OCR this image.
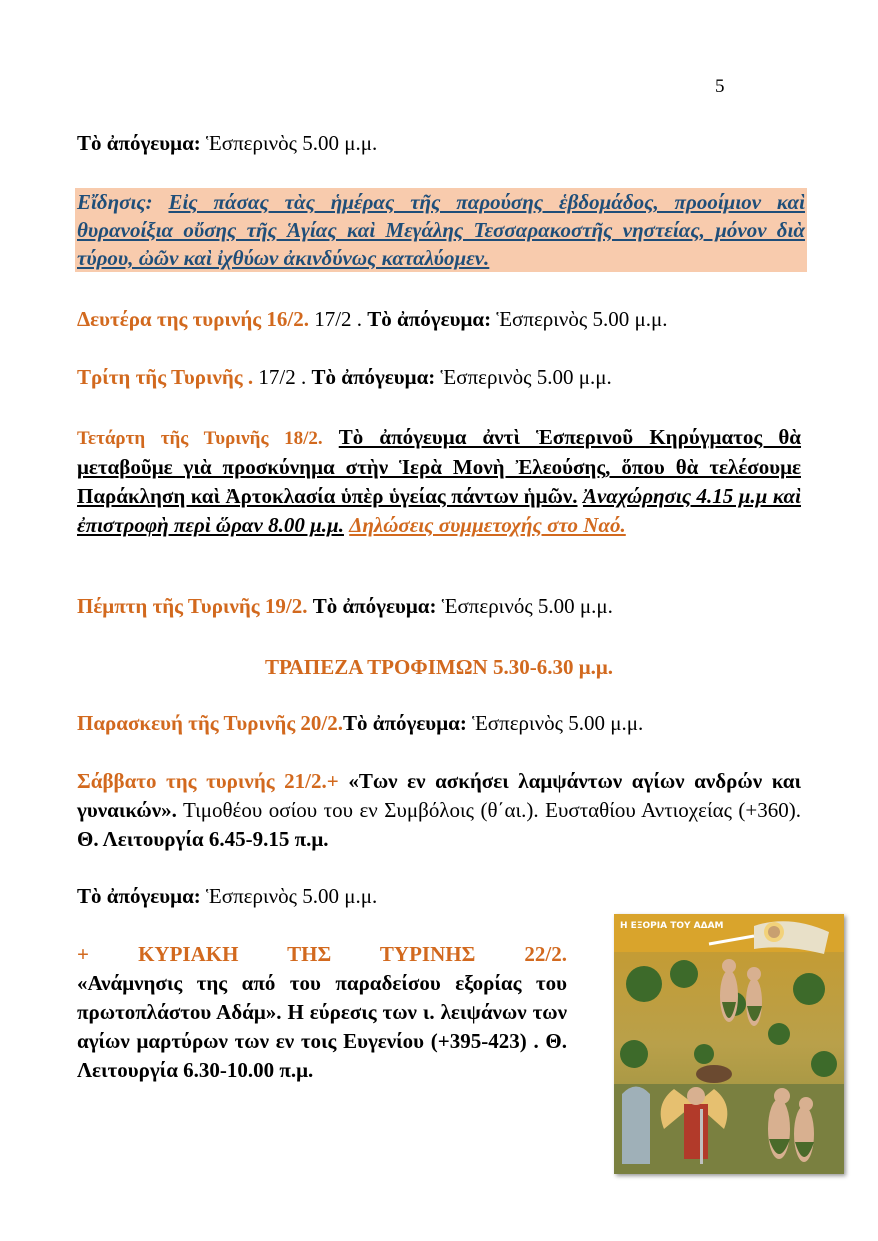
5
Τὸ ἀπόγευμα: Ἑσπερινὸς 5.00 μ.μ.
Εἴδησις: Εἰς πάσας τὰς ἡμέρας τῆς παρούσης ἑβδομάδος, προοίμιον καὶ θυρανοίξια οὔσης τῆς Ἁγίας καὶ Μεγάλης Τεσσαρακοστῆς νηστείας, μόνον διὰ τύρου, ὠῶν καὶ ἰχθύων ἀκινδύνως καταλύομεν.
Δευτέρα της τυρινής 16/2. 17/2 . Τὸ ἀπόγευμα: Ἑσπερινὸς 5.00 μ.μ.
Τρίτη τῆς Τυρινῆς . 17/2 . Τὸ ἀπόγευμα: Ἑσπερινὸς 5.00 μ.μ.
Τετάρτη τῆς Τυρινῆς 18/2. Τὸ ἀπόγευμα ἀντὶ Ἑσπερινοῦ Κηρύγματος θὰ μεταβοῦμε γιὰ προσκύνημα στὴν Ἱερὰ Μονὴ Ἐλεούσης, ὅπου θὰ τελέσουμε Παράκληση καὶ Ἀρτοκλασία ὑπὲρ ὑγείας πάντων ἡμῶν. Ἀναχώρησις 4.15 μ.μ καὶ ἐπιστροφὴ περὶ ὥραν 8.00 μ.μ. Δηλώσεις συμμετοχής στο Ναό.
Πέμπτη τῆς Τυρινῆς 19/2. Τὸ ἀπόγευμα: Ἑσπερινός 5.00 μ.μ.
ΤΡΑΠΕΖΑ ΤΡΟΦΙΜΩΝ 5.30-6.30 μ.μ.
Παρασκευή τῆς Τυρινῆς 20/2.Τὸ ἀπόγευμα: Ἑσπερινὸς 5.00 μ.μ.
Σάββατο της τυρινής 21/2.+ «Των εν ασκήσει λαμψάντων αγίων ανδρών και γυναικών». Τιμοθέου οσίου του εν Συμβόλοις (θ΄αι.). Ευσταθίου Αντιοχείας (+360). Θ. Λειτουργία 6.45-9.15 π.μ.
Τὸ ἀπόγευμα: Ἑσπερινὸς 5.00 μ.μ.
+ ΚΥΡΙΑΚΗ ΤΗΣ ΤΥΡΙΝΗΣ 22/2. «Ανάμνησις της από του παραδείσου εξορίας του πρωτοπλάστου Αδάμ». Η εύρεσις των ι. λειψάνων των αγίων μαρτύρων των εν τοις Ευγενίου (+395-423) . Θ. Λειτουργία 6.30-10.00 π.μ.
Η ΕΞΟΡΙΑ ΤΟΥ ΑΔΑΜ
